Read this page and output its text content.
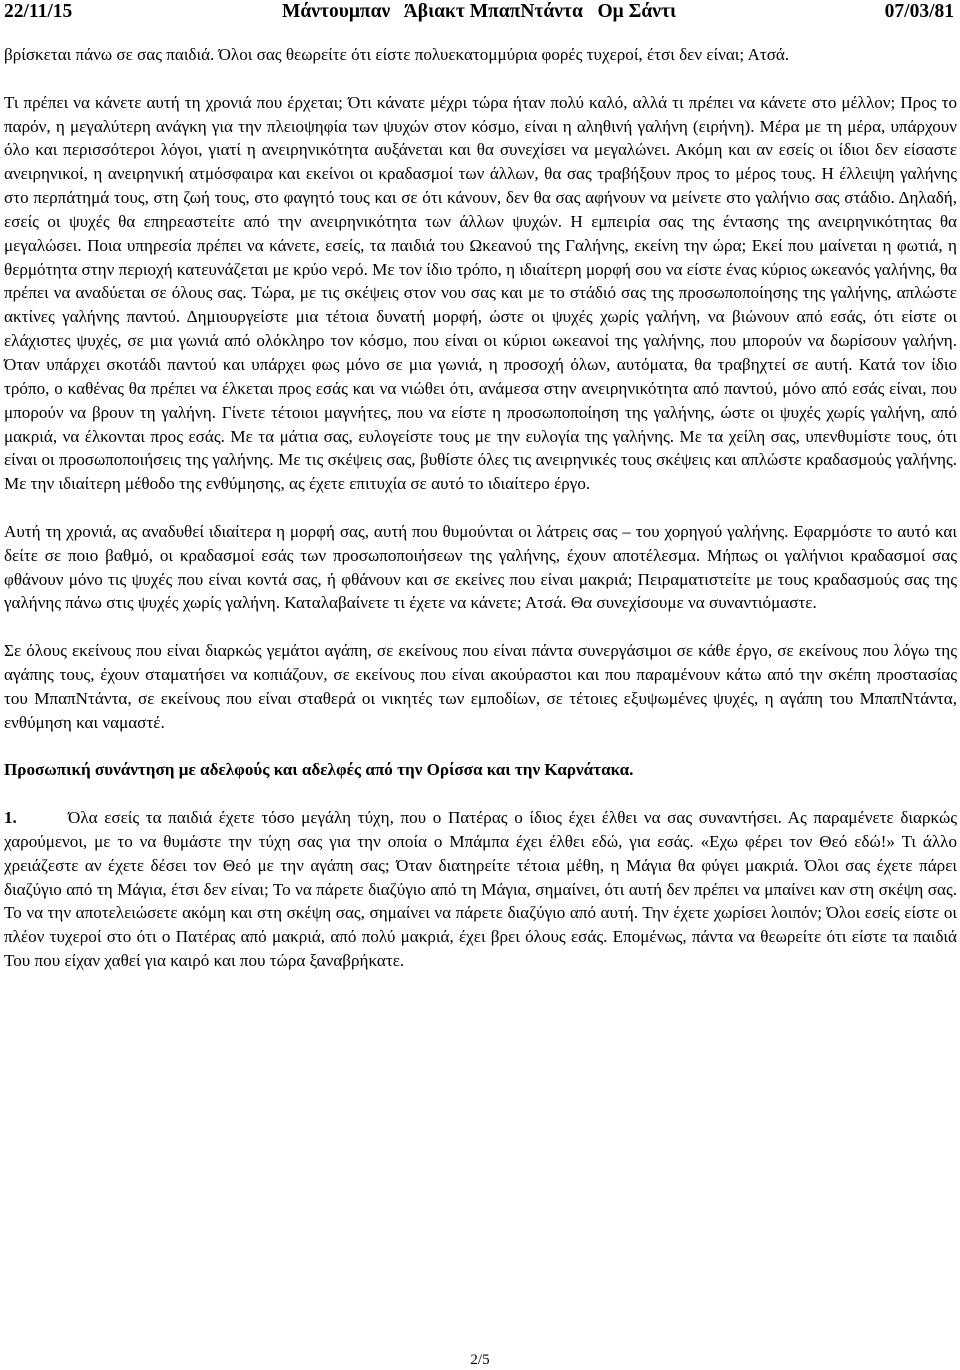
22/11/15	Μάντουμπαν   Άβιακτ ΜπαπΝτάντα   Ομ Σάντι	07/03/81

βρίσκεται πάνω σε σας παιδιά. Όλοι σας θεωρείτε ότι είστε πολυεκατομμύρια φορές τυχεροί, έτσι δεν είναι; Ατσά.

Τι πρέπει να κάνετε αυτή τη χρονιά που έρχεται; Ότι κάνατε μέχρι τώρα ήταν πολύ καλό, αλλά τι πρέπει να κάνετε στο μέλλον; Προς το παρόν, η μεγαλύτερη ανάγκη για την πλειοψηφία των ψυχών στον κόσμο, είναι η αληθινή γαλήνη (ειρήνη). Μέρα με τη μέρα, υπάρχουν όλο και περισσότεροι λόγοι, γιατί η ανειρηνικότητα αυξάνεται και θα συνεχίσει να μεγαλώνει. Ακόμη και αν εσείς οι ίδιοι δεν είσαστε ανειρηνικοί, η ανειρηνική ατμόσφαιρα και εκείνοι οι κραδασμοί των άλλων, θα σας τραβήξουν προς το μέρος τους. Η έλλειψη γαλήνης στο περπάτημά τους, στη ζωή τους, στο φαγητό τους και σε ότι κάνουν, δεν θα σας αφήνουν να μείνετε στο γαλήνιο σας στάδιο. Δηλαδή, εσείς οι ψυχές θα επηρεαστείτε από την ανειρηνικότητα των άλλων ψυχών. Η εμπειρία σας της έντασης της ανειρηνικότητας θα μεγαλώσει. Ποια υπηρεσία πρέπει να κάνετε, εσείς, τα παιδιά του Ωκεανού της Γαλήνης, εκείνη την ώρα; Εκεί που μαίνεται η φωτιά, η θερμότητα στην περιοχή κατευνάζεται με κρύο νερό. Με τον ίδιο τρόπο, η ιδιαίτερη μορφή σου να είστε ένας κύριος ωκεανός γαλήνης, θα πρέπει να αναδύεται σε όλους σας. Τώρα, με τις σκέψεις στον νου σας και με το στάδιό σας της προσωποποίησης της γαλήνης, απλώστε ακτίνες γαλήνης παντού. Δημιουργείστε μια τέτοια δυνατή μορφή, ώστε οι ψυχές χωρίς γαλήνη, να βιώνουν από εσάς, ότι είστε οι ελάχιστες ψυχές, σε μια γωνιά από ολόκληρο τον κόσμο, που είναι οι κύριοι ωκεανοί της γαλήνης, που μπορούν να δωρίσουν γαλήνη. Όταν υπάρχει σκοτάδι παντού και υπάρχει φως μόνο σε μια γωνιά, η προσοχή όλων, αυτόματα, θα τραβηχτεί σε αυτή. Κατά τον ίδιο τρόπο, ο καθένας θα πρέπει να έλκεται προς εσάς και να νιώθει ότι, ανάμεσα στην ανειρηνικότητα από παντού, μόνο από εσάς είναι, που μπορούν να βρουν τη γαλήνη. Γίνετε τέτοιοι μαγνήτες, που να είστε η προσωποποίηση της γαλήνης, ώστε οι ψυχές χωρίς γαλήνη, από μακριά, να έλκονται προς εσάς. Με τα μάτια σας, ευλογείστε τους με την ευλογία της γαλήνης. Με τα χείλη σας, υπενθυμίστε τους, ότι είναι οι προσωποποιήσεις της γαλήνης. Με τις σκέψεις σας, βυθίστε όλες τις ανειρηνικές τους σκέψεις και απλώστε κραδασμούς γαλήνης. Με την ιδιαίτερη μέθοδο της ενθύμησης, ας έχετε επιτυχία σε αυτό το ιδιαίτερο έργο.

Αυτή τη χρονιά, ας αναδυθεί ιδιαίτερα η μορφή σας, αυτή που θυμούνται οι λάτρεις σας – του χορηγού γαλήνης. Εφαρμόστε το αυτό και δείτε σε ποιο βαθμό, οι κραδασμοί εσάς των προσωποποιήσεων της γαλήνης, έχουν αποτέλεσμα. Μήπως οι γαλήνιοι κραδασμοί σας φθάνουν μόνο τις ψυχές που είναι κοντά σας, ή φθάνουν και σε εκείνες που είναι μακριά; Πειραματιστείτε με τους κραδασμούς σας της γαλήνης πάνω στις ψυχές χωρίς γαλήνη. Καταλαβαίνετε τι έχετε να κάνετε; Ατσά. Θα συνεχίσουμε να συναντιόμαστε.

Σε όλους εκείνους που είναι διαρκώς γεμάτοι αγάπη, σε εκείνους που είναι πάντα συνεργάσιμοι σε κάθε έργο, σε εκείνους που λόγω της αγάπης τους, έχουν σταματήσει να κοπιάζουν, σε εκείνους που είναι ακούραστοι και που παραμένουν κάτω από την σκέπη προστασίας του ΜπαπΝτάντα, σε εκείνους που είναι σταθερά οι νικητές των εμποδίων, σε τέτοιες εξυψωμένες ψυχές, η αγάπη του ΜπαπΝτάντα, ενθύμηση και ναμαστέ.

Προσωπική συνάντηση με αδελφούς και αδελφές από την Ορίσσα και την Καρνάτακα.

1.	Όλα εσείς τα παιδιά έχετε τόσο μεγάλη τύχη, που ο Πατέρας ο ίδιος έχει έλθει να σας συναντήσει. Ας παραμένετε διαρκώς χαρούμενοι, με το να θυμάστε την τύχη σας για την οποία ο Μπάμπα έχει έλθει εδώ, για εσάς. «Εχω φέρει τον Θεό εδώ!» Τι άλλο χρειάζεστε αν έχετε δέσει τον Θεό με την αγάπη σας; Όταν διατηρείτε τέτοια μέθη, η Μάγια θα φύγει μακριά. Όλοι σας έχετε πάρει διαζύγιο από τη Μάγια, έτσι δεν είναι; Το να πάρετε διαζύγιο από τη Μάγια, σημαίνει, ότι αυτή δεν πρέπει να μπαίνει καν στη σκέψη σας. Το να την αποτελειώσετε ακόμη και στη σκέψη σας, σημαίνει να πάρετε διαζύγιο από αυτή. Την έχετε χωρίσει λοιπόν; Όλοι εσείς είστε οι πλέον τυχεροί στο ότι ο Πατέρας από μακριά, από πολύ μακριά, έχει βρει όλους εσάς. Επομένως, πάντα να θεωρείτε ότι είστε τα παιδιά Του που είχαν χαθεί για καιρό και που τώρα ξαναβρήκατε.

2/5
